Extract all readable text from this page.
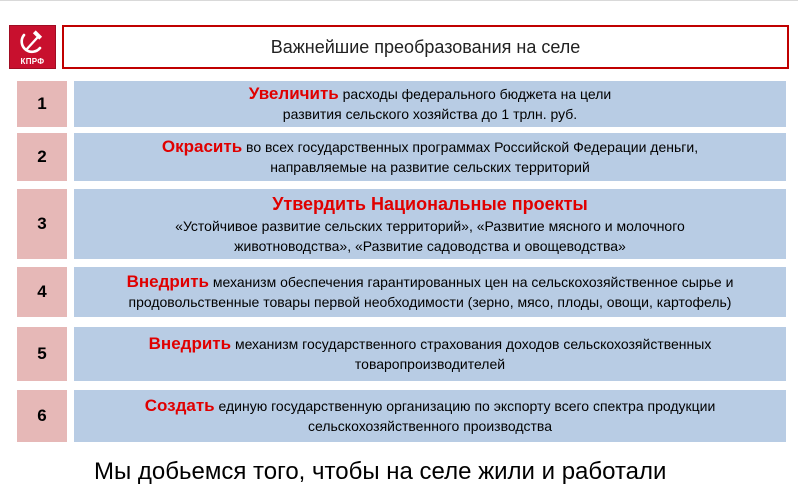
КПРФ
Важнейшие преобразования на селе
1
Увеличить расходы федерального бюджета на цели
развития сельского хозяйства до 1 трлн. руб.
2
Окрасить во всех государственных программах Российской Федерации деньги,
направляемые на развитие сельских территорий
3
Утвердить Национальные проекты
«Устойчивое развитие сельских территорий», «Развитие мясного и молочного
животноводства», «Развитие садоводства и овощеводства»
4
Внедрить механизм обеспечения гарантированных цен на сельскохозяйственное сырье и
продовольственные товары первой необходимости (зерно, мясо, плоды, овощи, картофель)
5
Внедрить механизм государственного страхования доходов сельскохозяйственных
товаропроизводителей
6
Создать единую государственную организацию по экспорту всего спектра продукции
сельскохозяйственного производства
Мы добьемся того, чтобы на селе жили и работали
